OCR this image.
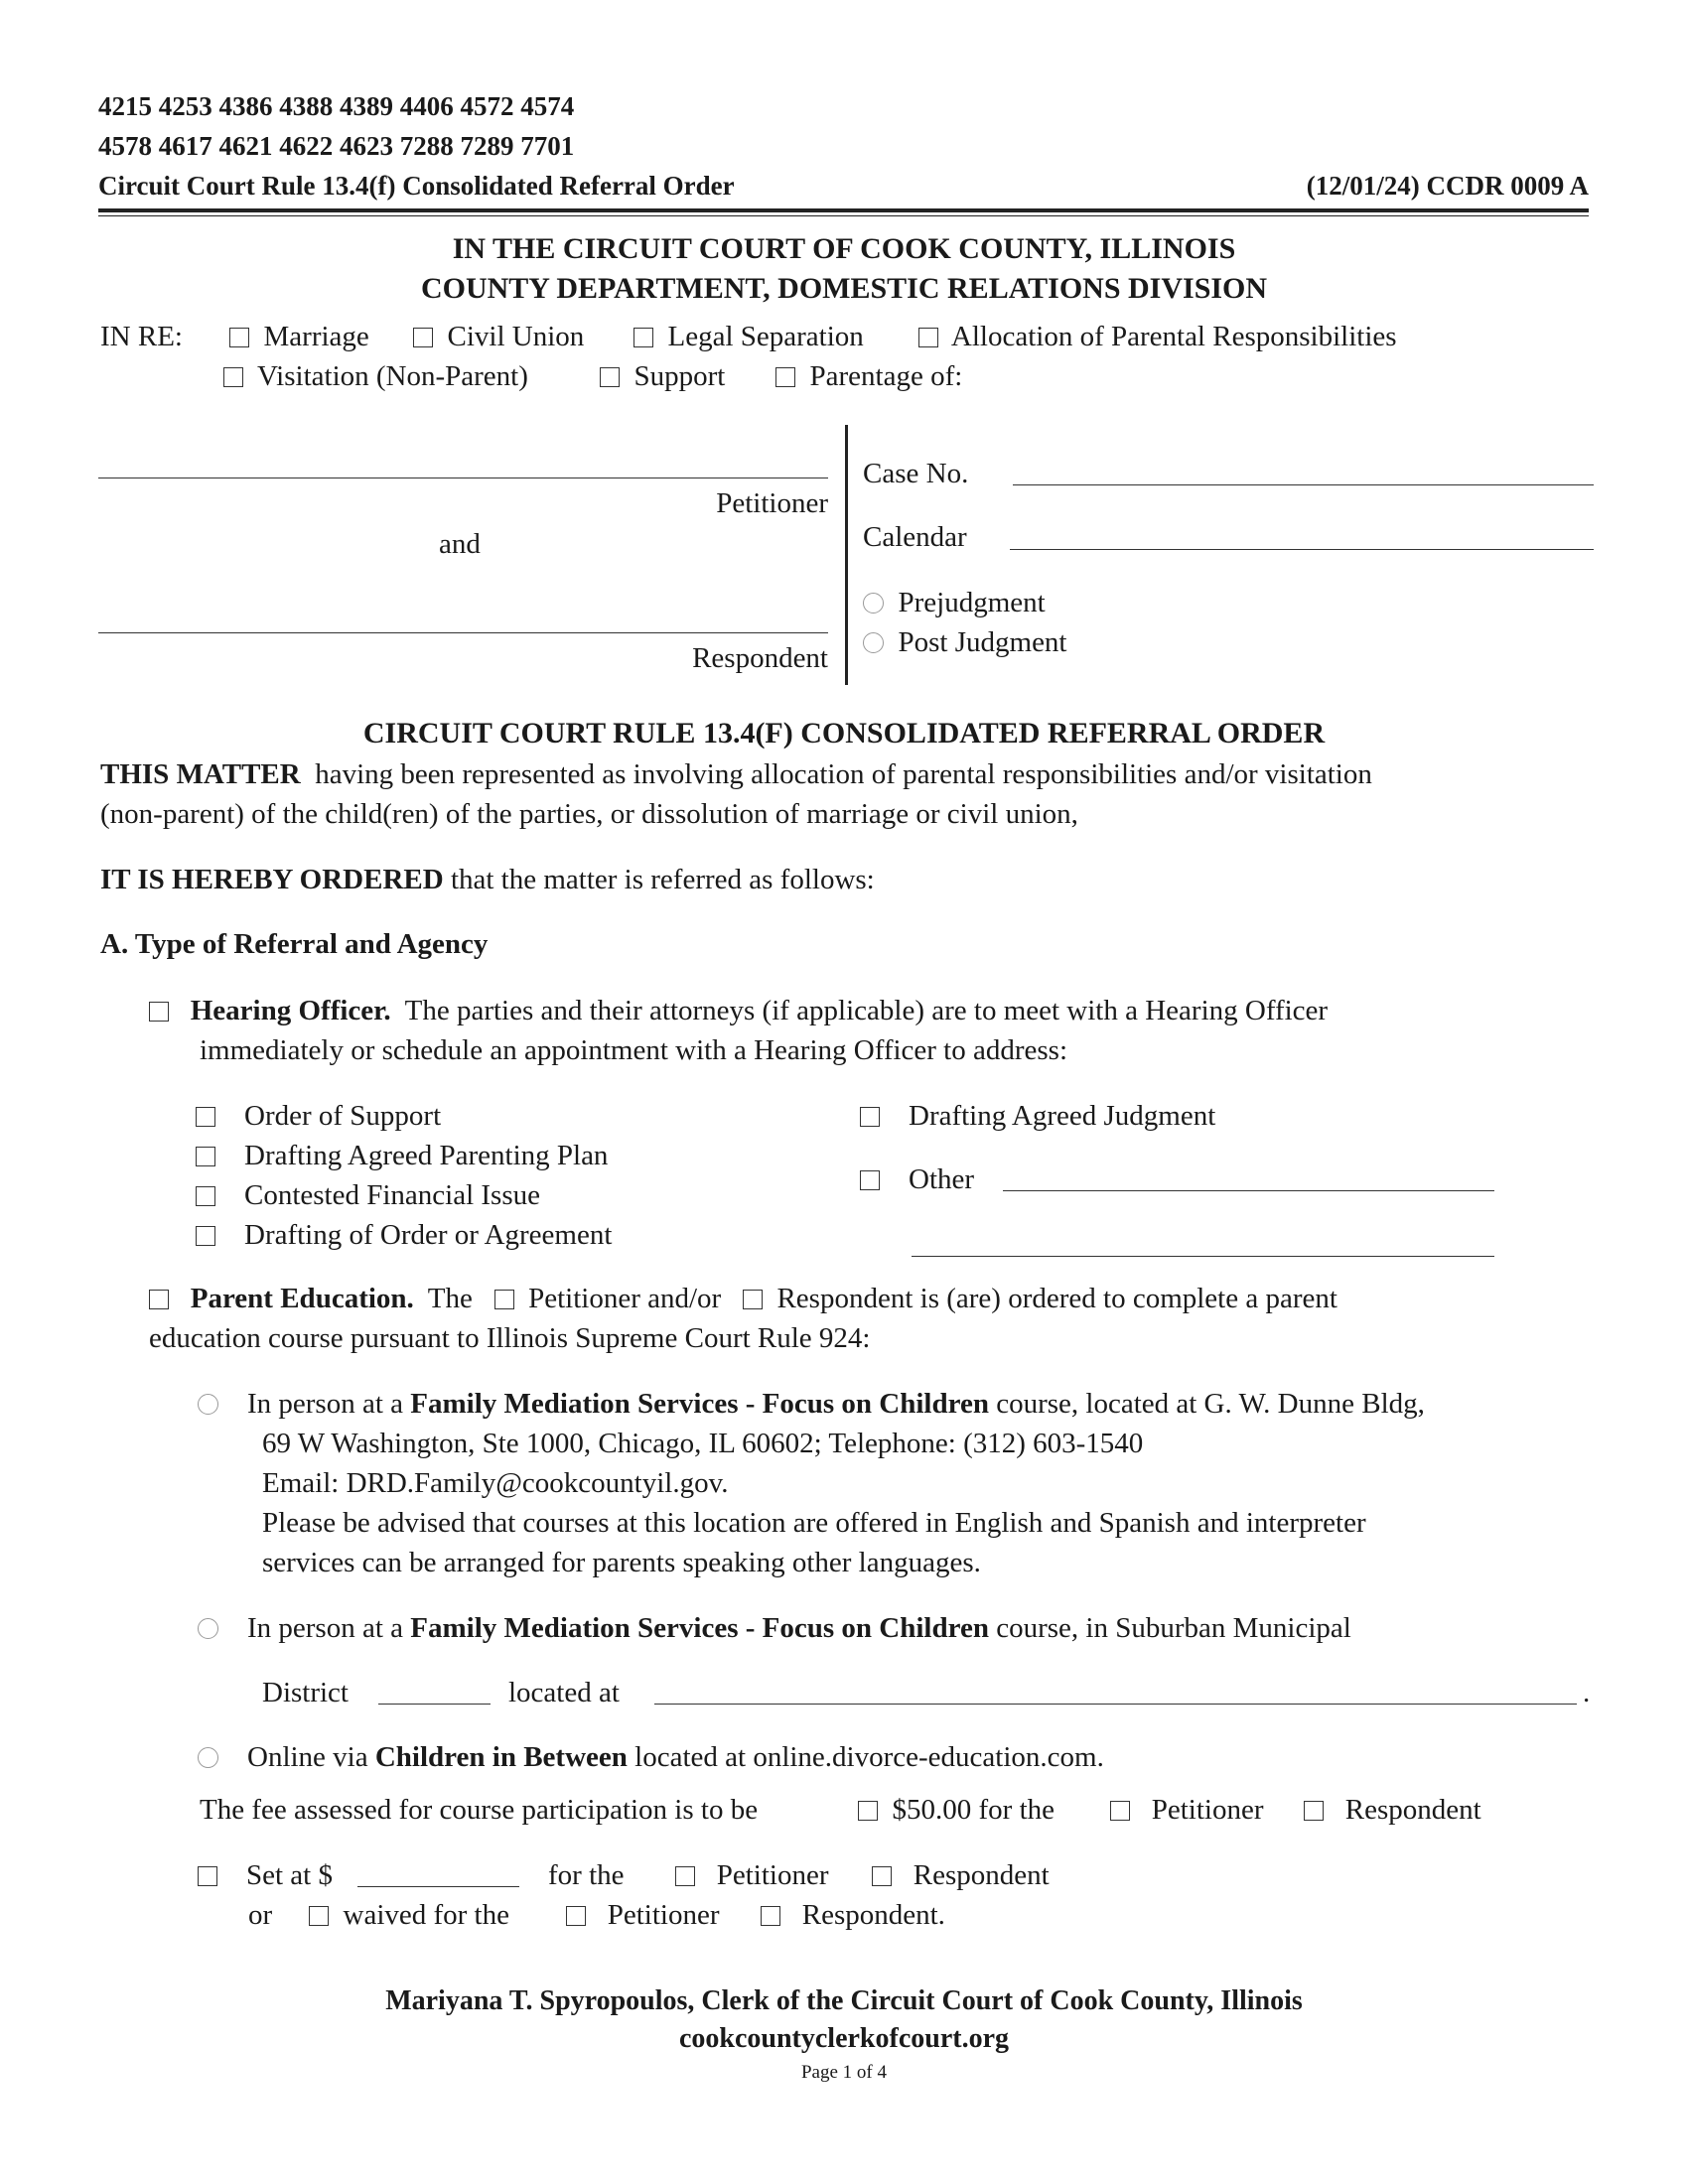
4215 4253 4386 4388 4389 4406 4572 4574
4578 4617 4621 4622 4623 7288 7289 7701
Circuit Court Rule 13.4(f) Consolidated Referral Order	(12/01/24) CCDR 0009 A
IN THE CIRCUIT COURT OF COOK COUNTY, ILLINOIS
COUNTY DEPARTMENT, DOMESTIC RELATIONS DIVISION
IN RE:	Marriage	Civil Union	Legal Separation	Allocation of Parental Responsibilities
Visitation (Non-Parent)	Support	Parentage of:
Petitioner
and
Respondent
Case No.
Calendar
Prejudgment
Post Judgment
CIRCUIT COURT RULE 13.4(F) CONSOLIDATED REFERRAL ORDER
THIS MATTER having been represented as involving allocation of parental responsibilities and/or visitation
(non-parent) of the child(ren) of the parties, or dissolution of marriage or civil union,
IT IS HEREBY ORDERED that the matter is referred as follows:
A. Type of Referral and Agency
Hearing Officer. The parties and their attorneys (if applicable) are to meet with a Hearing Officer
immediately or schedule an appointment with a Hearing Officer to address:
Order of Support
Drafting Agreed Parenting Plan
Contested Financial Issue
Drafting of Order or Agreement
Drafting Agreed Judgment
Other
Parent Education. The Petitioner and/or Respondent is (are) ordered to complete a parent
education course pursuant to Illinois Supreme Court Rule 924:
In person at a Family Mediation Services - Focus on Children course, located at G. W. Dunne Bldg,
69 W Washington, Ste 1000, Chicago, IL 60602; Telephone: (312) 603-1540
Email: DRD.Family@cookcountyil.gov.
Please be advised that courses at this location are offered in English and Spanish and interpreter
services can be arranged for parents speaking other languages.
In person at a Family Mediation Services - Focus on Children course, in Suburban Municipal
District	located at	.
Online via Children in Between located at online.divorce-education.com.
The fee assessed for course participation is to be	$50.00 for the	Petitioner	Respondent
Set at $	for the	Petitioner	Respondent
or	waived for the	Petitioner	Respondent.
Mariyana T. Spyropoulos, Clerk of the Circuit Court of Cook County, Illinois
cookcountyclerkofcourt.org
Page 1 of 4
